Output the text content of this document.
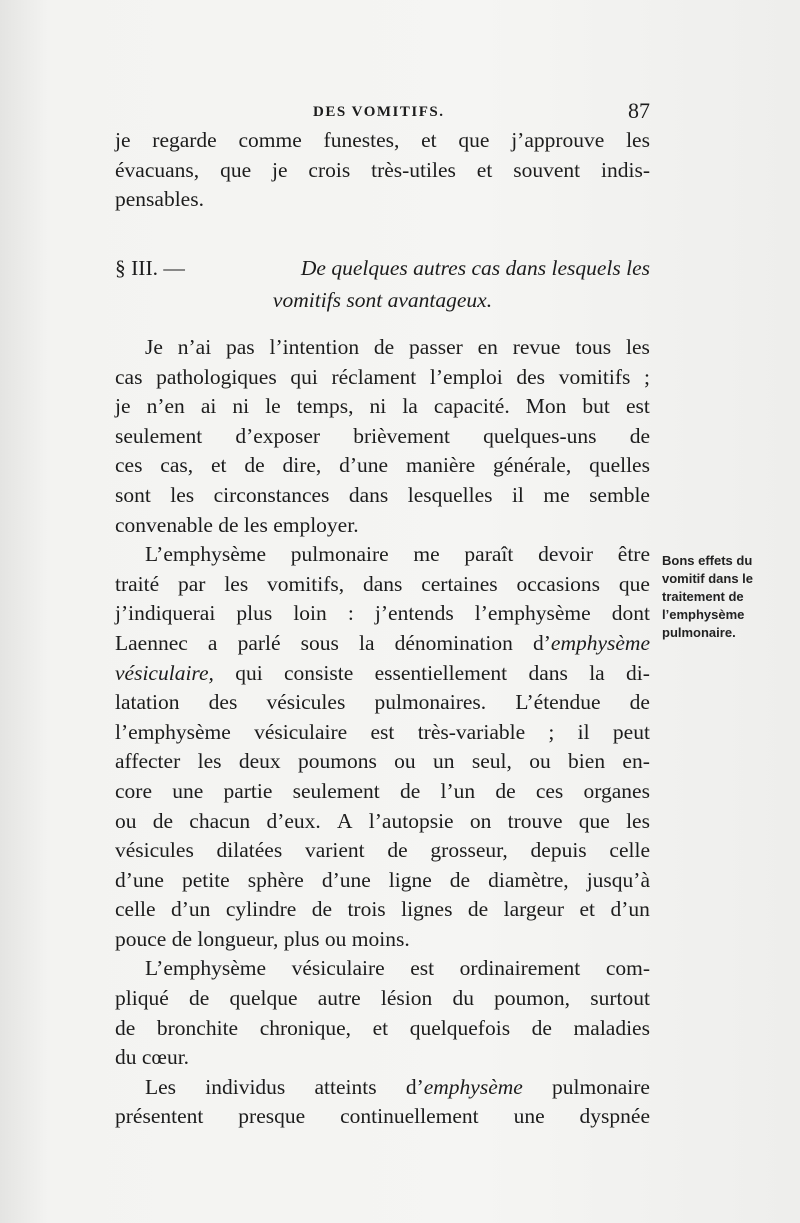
DES VOMITIFS.	87
je regarde comme funestes, et que j’approuve les
évacuans, que je crois très-utiles et souvent indis-
pensables.
§ III. —	De quelques autres cas dans lesquels les
vomitifs sont avantageux.
Je n’ai pas l’intention de passer en revue tous les
cas pathologiques qui réclament l’emploi des vomitifs ;
je n’en ai ni le temps, ni la capacité. Mon but est
seulement d’exposer brièvement quelques-uns de
ces cas, et de dire, d’une manière générale, quelles
sont les circonstances dans lesquelles il me semble
convenable de les employer.
L’emphysème pulmonaire me paraît devoir être
traité par les vomitifs, dans certaines occasions que
j’indiquerai plus loin : j’entends l’emphysème dont
Laennec a parlé sous la dénomination d’emphysème
vésiculaire, qui consiste essentiellement dans la di-
latation des vésicules pulmonaires. L’étendue de
l’emphysème vésiculaire est très-variable ; il peut
affecter les deux poumons ou un seul, ou bien en-
core une partie seulement de l’un de ces organes
ou de chacun d’eux. A l’autopsie on trouve que les
vésicules dilatées varient de grosseur, depuis celle
d’une petite sphère d’une ligne de diamètre, jusqu’à
celle d’un cylindre de trois lignes de largeur et d’un
pouce de longueur, plus ou moins.
L’emphysème vésiculaire est ordinairement com-
pliqué de quelque autre lésion du poumon, surtout
de bronchite chronique, et quelquefois de maladies
du cœur.
Les individus atteints d’emphysème pulmonaire
présentent presque continuellement une dyspnée
Bons effets du
vomitif dans le
traitement de
l’emphysème
pulmonaire.
